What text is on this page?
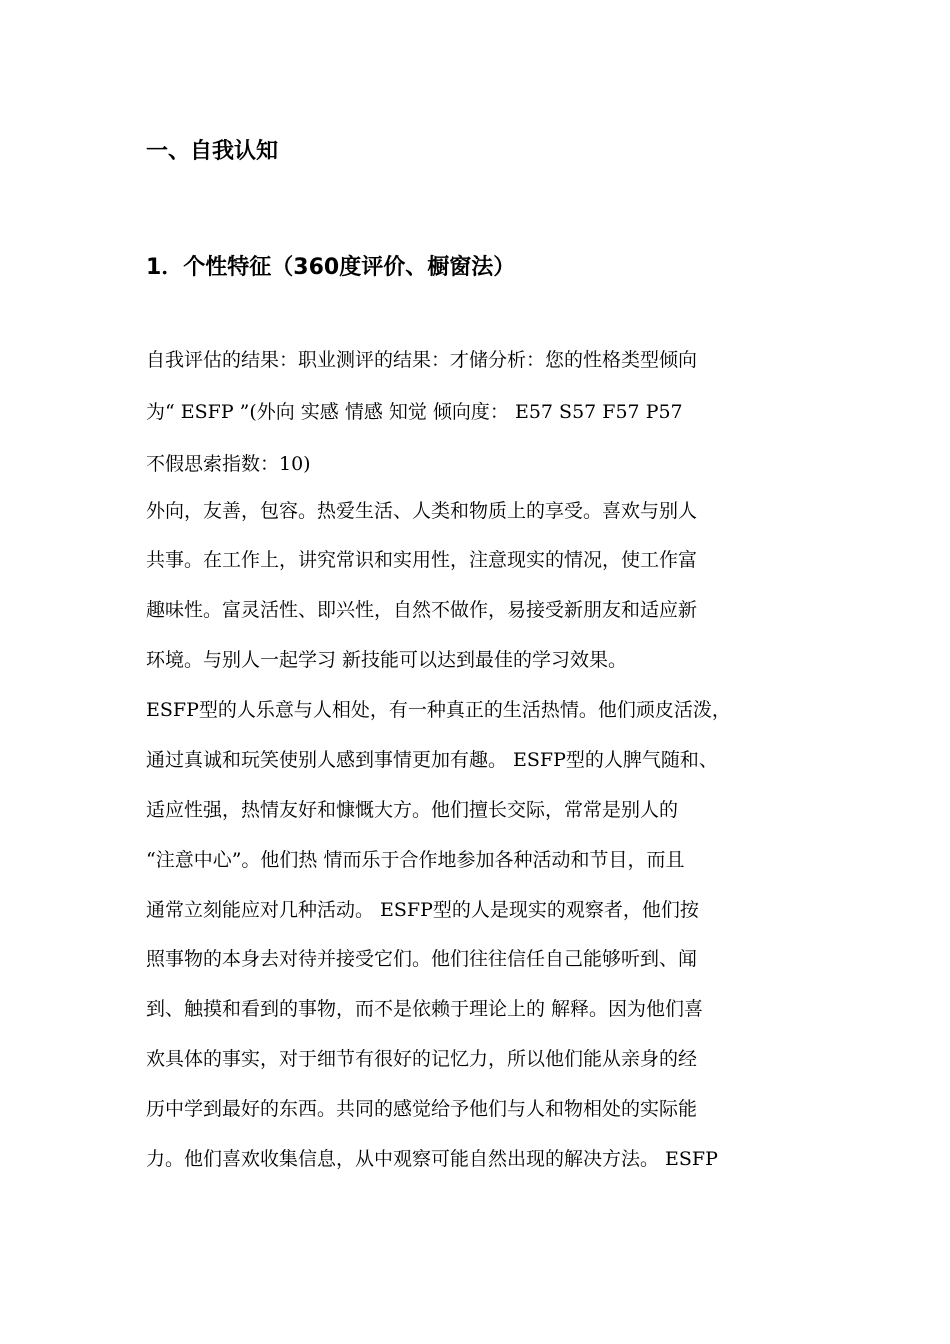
一、自我认知
1．个性特征（360度评价、橱窗法）
自我评估的结果：职业测评的结果：才储分析：您的性格类型倾向
为“ ESFP ”(外向 实感 情感 知觉 倾向度： E57 S57 F57 P57
不假思索指数：10)
外向，友善，包容。热爱生活、人类和物质上的享受。喜欢与别人
共事。在工作上，讲究常识和实用性，注意现实的情况，使工作富
趣味性。富灵活性、即兴性，自然不做作，易接受新朋友和适应新
环境。与别人一起学习 新技能可以达到最佳的学习效果。
ESFP型的人乐意与人相处，有一种真正的生活热情。他们顽皮活泼，
通过真诚和玩笑使别人感到事情更加有趣。 ESFP型的人脾气随和、
适应性强，热情友好和慷慨大方。他们擅长交际，常常是别人的
“注意中心”。他们热 情而乐于合作地参加各种活动和节目，而且
通常立刻能应对几种活动。 ESFP型的人是现实的观察者，他们按
照事物的本身去对待并接受它们。他们往往信任自己能够听到、闻
到、触摸和看到的事物，而不是依赖于理论上的 解释。因为他们喜
欢具体的事实，对于细节有很好的记忆力，所以他们能从亲身的经
历中学到最好的东西。共同的感觉给予他们与人和物相处的实际能
力。他们喜欢收集信息，从中观察可能自然出现的解决方法。 ESFP
